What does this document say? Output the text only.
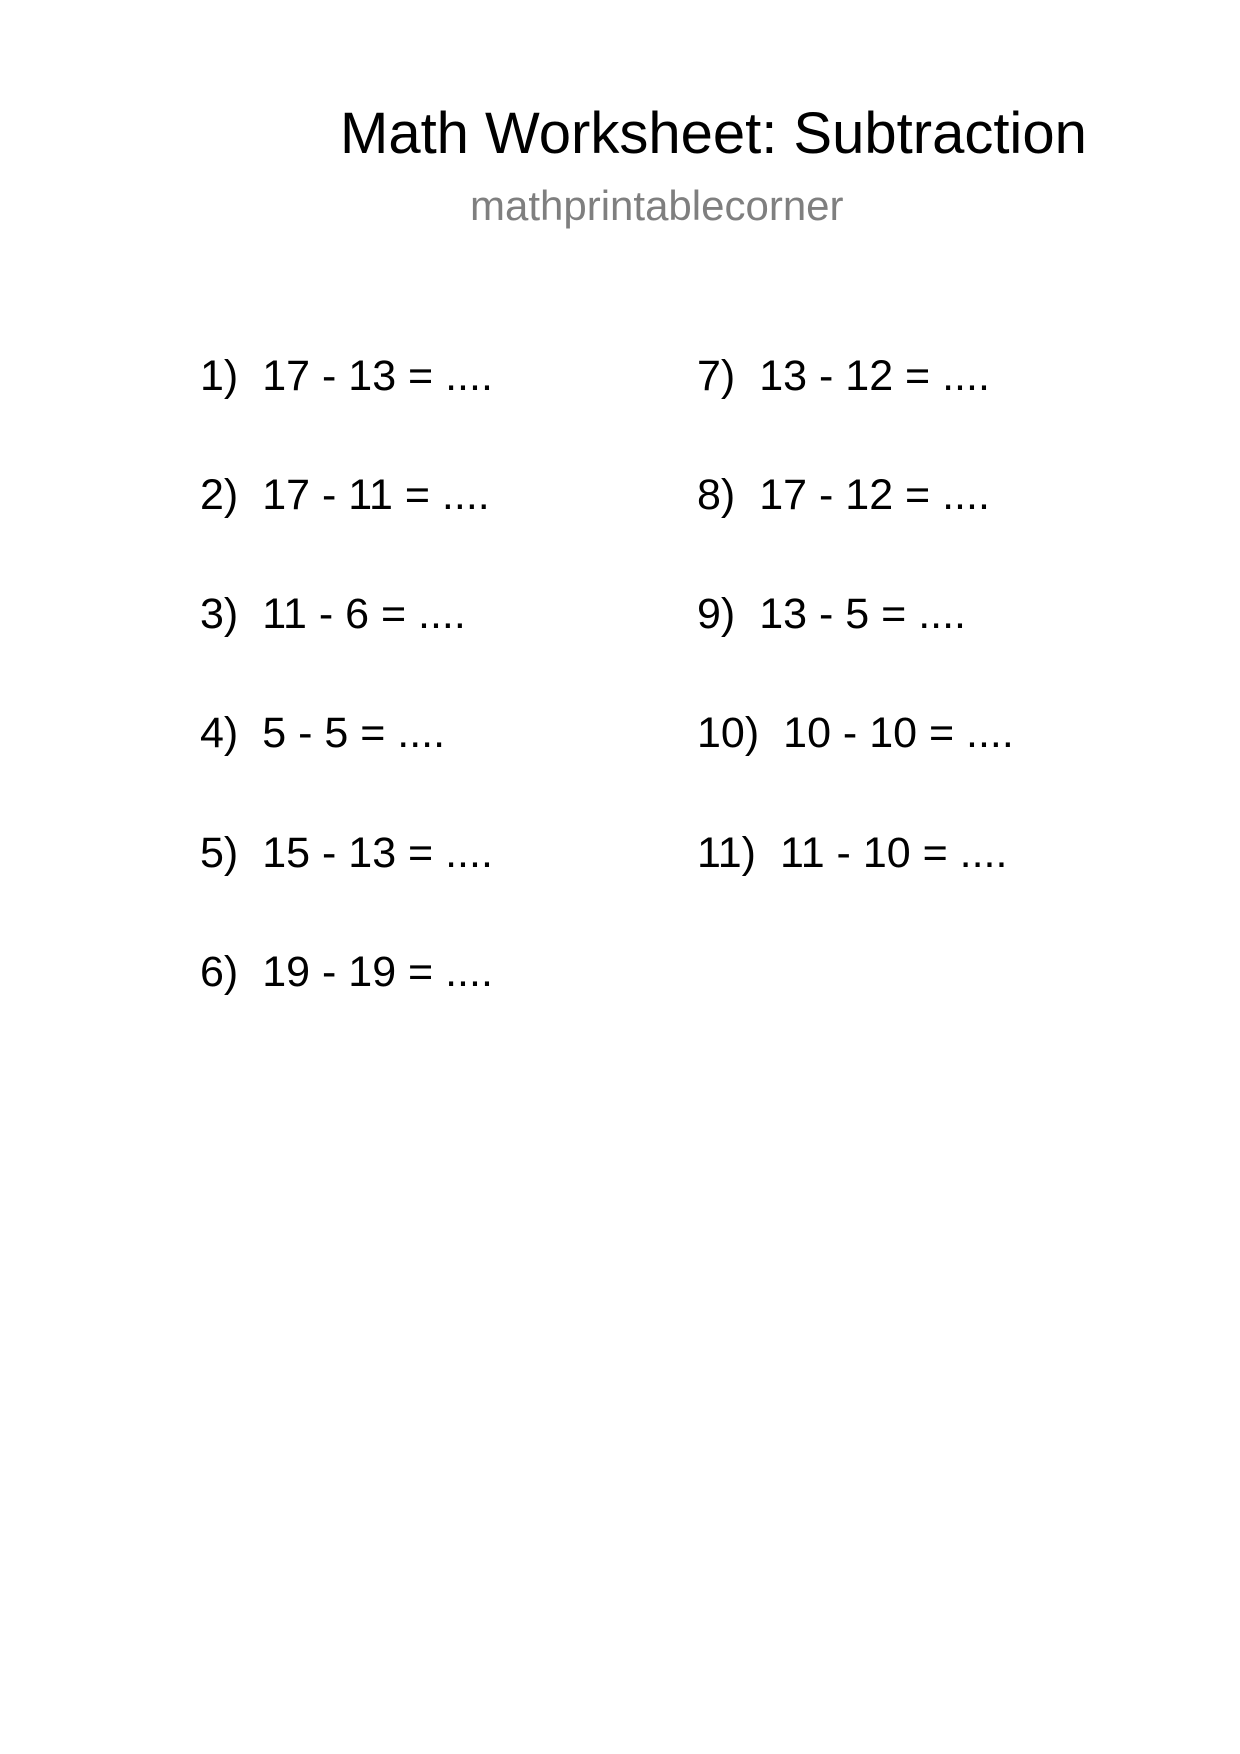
Math Worksheet: Subtraction
mathprintablecorner
1) 17 - 13 = ....
2) 17 - 11 = ....
3) 11 - 6 = ....
4) 5 - 5 = ....
5) 15 - 13 = ....
6) 19 - 19 = ....
7) 13 - 12 = ....
8) 17 - 12 = ....
9) 13 - 5 = ....
10) 10 - 10 = ....
11) 11 - 10 = ....
